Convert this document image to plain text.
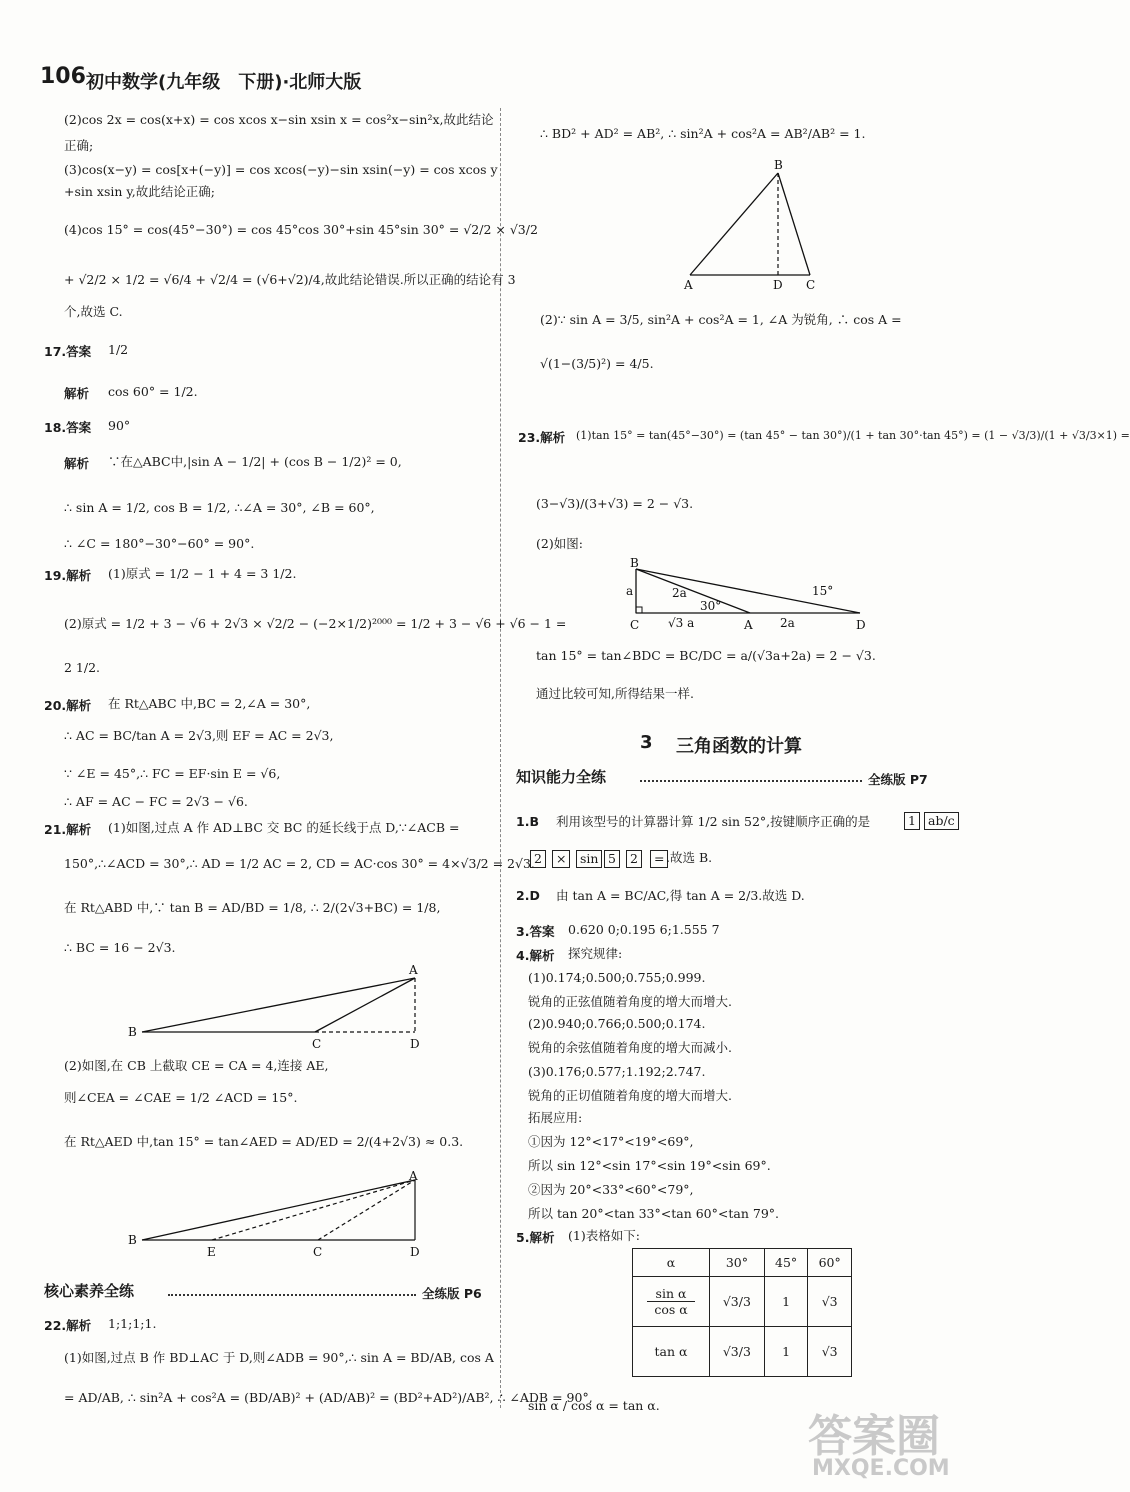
106 初中数学(九年级　下册)·北师大版
(2)cos 2x = cos(x+x) = cos xcos x−sin xsin x = cos²x−sin²x,故此结论
正确;
(3)cos(x−y) = cos[x+(−y)] = cos xcos(−y)−sin xsin(−y) = cos xcos y
+sin xsin y,故此结论正确;
(4)cos 15° = cos(45°−30°) = cos 45°cos 30°+sin 45°sin 30° = √2/2 × √3/2
+ √2/2 × 1/2 = √6/4 + √2/4 = (√6+√2)/4,故此结论错误.所以正确的结论有 3
个,故选 C.
17.答案 1/2
解析 cos 60° = 1/2.
18.答案 90°
解析 ∵在△ABC中,|sin A − 1/2| + (cos B − 1/2)² = 0,
∴ sin A = 1/2, cos B = 1/2, ∴∠A = 30°, ∠B = 60°,
∴ ∠C = 180°−30°−60° = 90°.
19.解析 (1)原式 = 1/2 − 1 + 4 = 3 1/2.
(2)原式 = 1/2 + 3 − √6 + 2√3 × √2/2 − (−2×1/2)²⁰⁰⁰ = 1/2 + 3 − √6 + √6 − 1 =
2 1/2.
20.解析 在 Rt△ABC 中,BC = 2,∠A = 30°,
∴ AC = BC/tan A = 2√3,则 EF = AC = 2√3,
∵ ∠E = 45°,∴ FC = EF·sin E = √6,
∴ AF = AC − FC = 2√3 − √6.
21.解析 (1)如图,过点 A 作 AD⊥BC 交 BC 的延长线于点 D,∵∠ACB =
150°,∴∠ACD = 30°,∴ AD = 1/2 AC = 2, CD = AC·cos 30° = 4×√3/2 = 2√3.
在 Rt△ABD 中,∵ tan B = AD/BD = 1/8, ∴ 2/(2√3+BC) = 1/8,
∴ BC = 16 − 2√3.
A
B
C	D
(2)如图,在 CB 上截取 CE = CA = 4,连接 AE,
则∠CEA = ∠CAE = 1/2 ∠ACD = 15°.
在 Rt△AED 中,tan 15° = tan∠AED = AD/ED = 2/(4+2√3) ≈ 0.3.
A
B
E	C	D
核心素养全练	全练版 P6
22.解析 1;1;1;1.
(1)如图,过点 B 作 BD⊥AC 于 D,则∠ADB = 90°,∴ sin A = BD/AB, cos A
= AD/AB, ∴ sin²A + cos²A = (BD/AB)² + (AD/AB)² = (BD²+AD²)/AB², ∴ ∠ADB = 90°,
∴ BD² + AD² = AB², ∴ sin²A + cos²A = AB²/AB² = 1.
B
A	D C
(2)∵ sin A = 3/5, sin²A + cos²A = 1, ∠A 为锐角, ∴ cos A =
√(1−(3/5)²) = 4/5.
23.解析 (1)tan 15° = tan(45°−30°) = (tan 45° − tan 30°)/(1 + tan 30°·tan 45°) = (1 − √3/3)/(1 + √3/3×1) =
(3−√3)/(3+√3) = 2 − √3.
(2)如图:
B
a	2a
30°
15°
√3 a	2a
C	A	D
tan 15° = tan∠BDC = BC/DC = a/(√3a+2a) = 2 − √3.
通过比较可知,所得结果一样.
3 三角函数的计算
知识能力全练	全练版 P7
1.B 利用该型号的计算器计算 1/2 sin 52°,按键顺序正确的是	1 ab/c
2	×	sin 5	2	= .故选 B.
2.D 由 tan A = BC/AC,得 tan A = 2/3.故选 D.
3.答案 0.620 0;0.195 6;1.555 7
4.解析 探究规律:
(1)0.174;0.500;0.755;0.999.
锐角的正弦值随着角度的增大而增大.
(2)0.940;0.766;0.500;0.174.
锐角的余弦值随着角度的增大而减小.
(3)0.176;0.577;1.192;2.747.
锐角的正切值随着角度的增大而增大.
拓展应用:
①因为 12°<17°<19°<69°,
所以 sin 12°<sin 17°<sin 19°<sin 69°.
②因为 20°<33°<60°<79°,
所以 tan 20°<tan 33°<tan 60°<tan 79°.
5.解析 (1)表格如下:
α	30°	45°	60°

sin α
cos α	√3/3	1	√3
tan α	√3/3	1	√3
sin α / cos α = tan α.
答案圈
MXQE.COM
